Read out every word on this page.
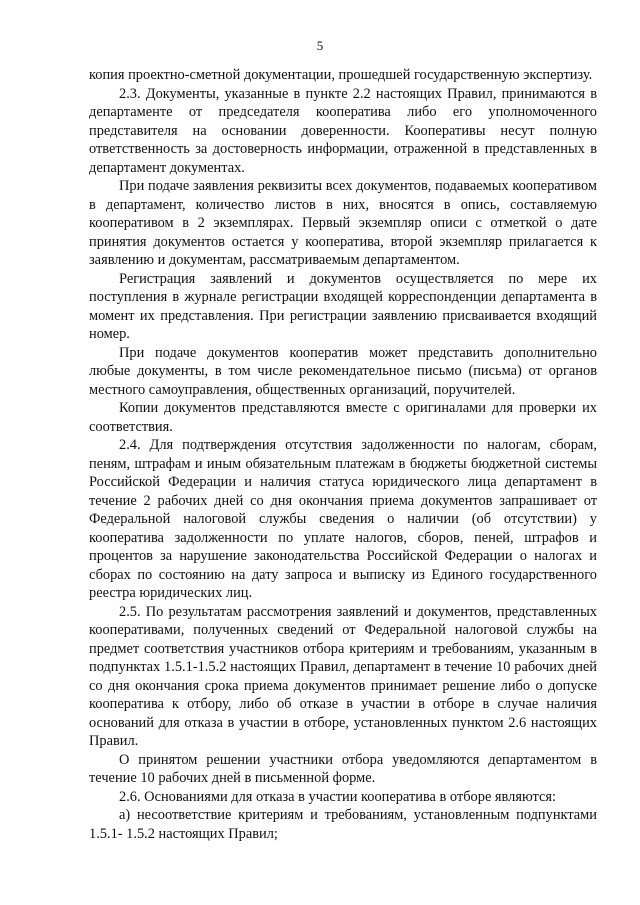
5

копия проектно-сметной документации, прошедшей государственную экспертизу.

2.3. Документы, указанные в пункте 2.2 настоящих Правил, принимаются в департаменте от председателя кооператива либо его уполномоченного представителя на основании доверенности. Кооперативы несут полную ответственность за достоверность информации, отраженной в представленных в департамент документах.

При подаче заявления реквизиты всех документов, подаваемых кооперативом в департамент, количество листов в них, вносятся в опись, составляемую кооперативом в 2 экземплярах. Первый экземпляр описи с отметкой о дате принятия документов остается у кооператива, второй экземпляр прилагается к заявлению и документам, рассматриваемым департаментом.

Регистрация заявлений и документов осуществляется по мере их поступления в журнале регистрации входящей корреспонденции департамента в момент их представления. При регистрации заявлению присваивается входящий номер.

При подаче документов кооператив может представить дополнительно любые документы, в том числе рекомендательное письмо (письма) от органов местного самоуправления, общественных организаций, поручителей.

Копии документов представляются вместе с оригиналами для проверки их соответствия.

2.4. Для подтверждения отсутствия задолженности по налогам, сборам, пеням, штрафам и иным обязательным платежам в бюджеты бюджетной системы Российской Федерации и наличия статуса юридического лица департамент в течение 2 рабочих дней со дня окончания приема документов запрашивает от Федеральной налоговой службы сведения о наличии (об отсутствии) у кооператива задолженности по уплате налогов, сборов, пеней, штрафов и процентов за нарушение законодательства Российской Федерации о налогах и сборах по состоянию на дату запроса и выписку из Единого государственного реестра юридических лиц.

2.5. По результатам рассмотрения заявлений и документов, представленных кооперативами, полученных сведений от Федеральной налоговой службы на предмет соответствия участников отбора критериям и требованиям, указанным в подпунктах 1.5.1-1.5.2 настоящих Правил, департамент в течение 10 рабочих дней со дня окончания срока приема документов принимает решение либо о допуске кооператива к отбору, либо об отказе в участии в отборе в случае наличия оснований для отказа в участии в отборе, установленных пунктом 2.6 настоящих Правил.

О принятом решении участники отбора уведомляются департаментом в течение 10 рабочих дней в письменной форме.

2.6. Основаниями для отказа в участии кооператива в отборе являются:

а) несоответствие критериям и требованиям, установленным подпунктами 1.5.1- 1.5.2 настоящих Правил;
